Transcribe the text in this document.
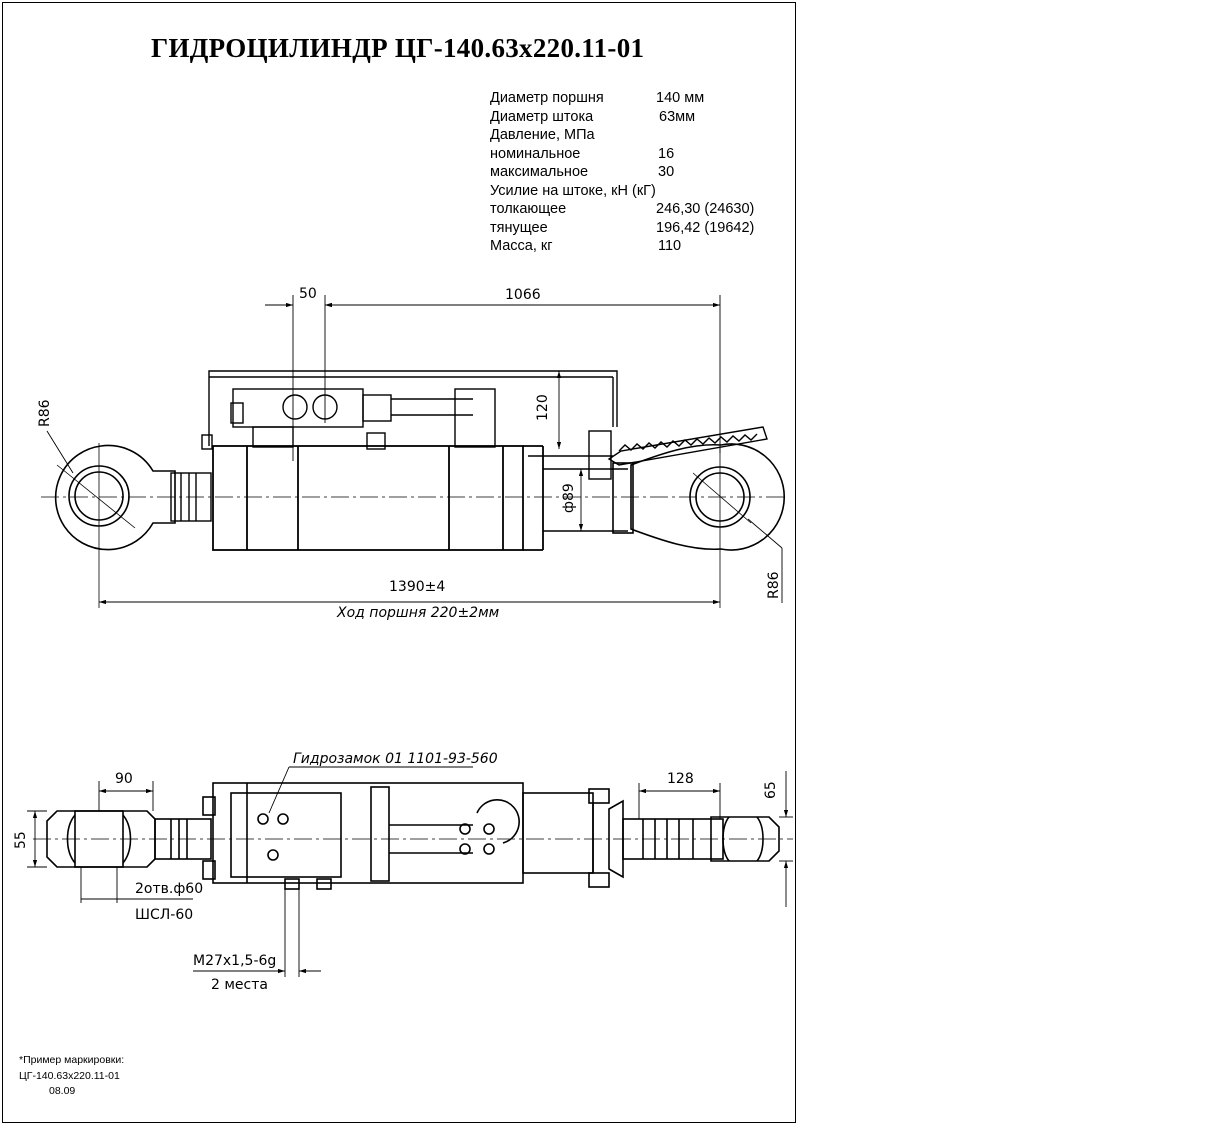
ГИДРОЦИЛИНДР ЦГ-140.63х220.11-01
Диаметр поршня	140 мм
Диаметр штока	63мм
Давление, МПа
номинальное	16
максимальное	30
Усилие на штоке, кН (кГ)
толкающее	246,30 (24630)
тянущее	196,42 (19642)
Масса, кг	110
50	1066
120
ф89
R86
R86
1390±4
Ход поршня 220±2мм
Гидрозамок 01 1101-93-560
90	128
55
65
2отв.ф60
ШСЛ-60
М27х1,5-6g
2 места
*Пример маркировки:
ЦГ-140.63х220.11-01
08.09
